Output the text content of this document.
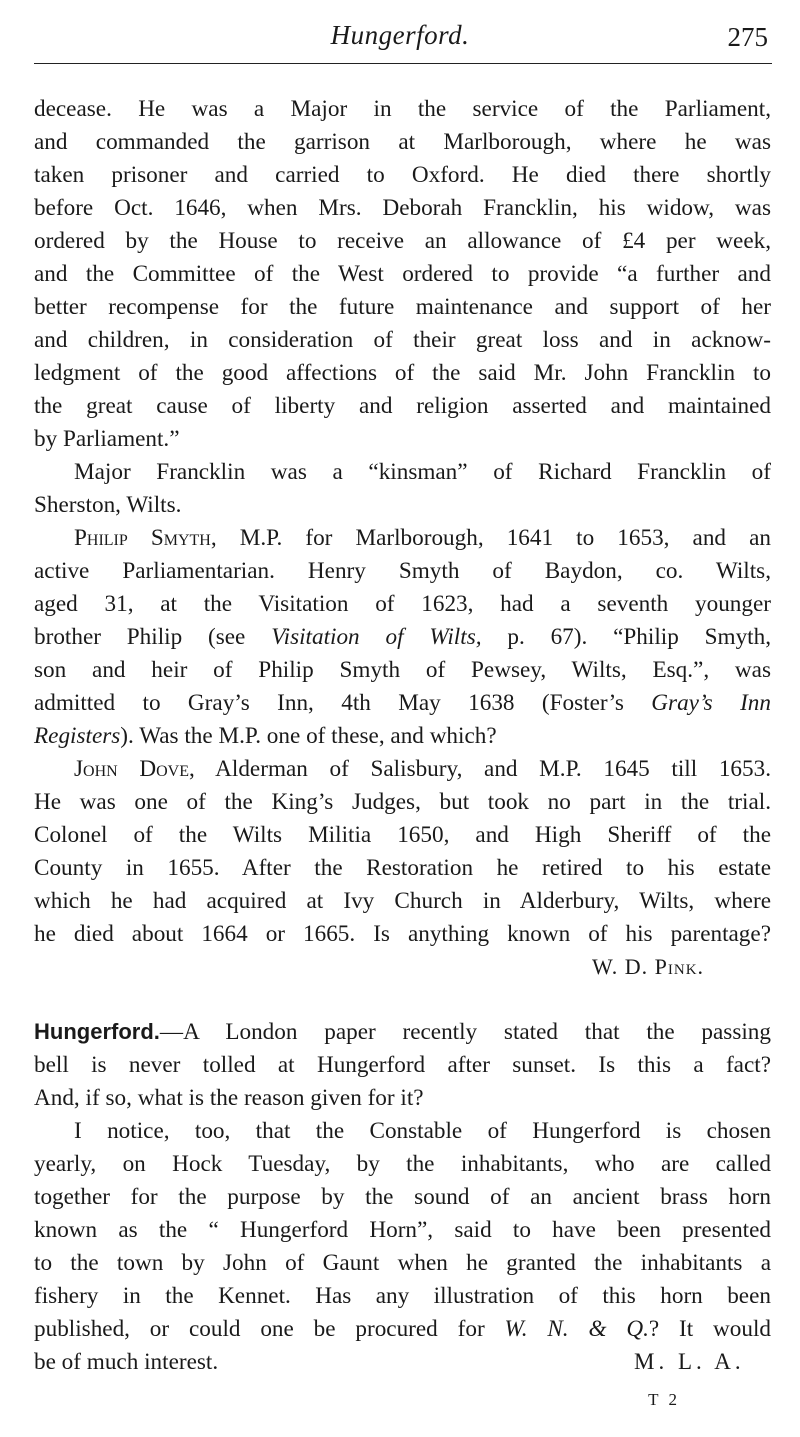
Hungerford.	275
decease. He was a Major in the service of the Parliament,
and commanded the garrison at Marlborough, where he was
taken prisoner and carried to Oxford. He died there shortly
before Oct. 1646, when Mrs. Deborah Francklin, his widow, was
ordered by the House to receive an allowance of £4 per week,
and the Committee of the West ordered to provide “a further and
better recompense for the future maintenance and support of her
and children, in consideration of their great loss and in acknow-
ledgment of the good affections of the said Mr. John Francklin to
the great cause of liberty and religion asserted and maintained
by Parliament.”
Major Francklin was a “kinsman” of Richard Francklin of
Sherston, Wilts.
Philip Smyth, M.P. for Marlborough, 1641 to 1653, and an
active Parliamentarian. Henry Smyth of Baydon, co. Wilts,
aged 31, at the Visitation of 1623, had a seventh younger
brother Philip (see Visitation of Wilts, p. 67). “Philip Smyth,
son and heir of Philip Smyth of Pewsey, Wilts, Esq.”, was
admitted to Gray’s Inn, 4th May 1638 (Foster’s Gray’s Inn
Registers). Was the M.P. one of these, and which?
John Dove, Alderman of Salisbury, and M.P. 1645 till 1653.
He was one of the King’s Judges, but took no part in the trial.
Colonel of the Wilts Militia 1650, and High Sheriff of the
County in 1655. After the Restoration he retired to his estate
which he had acquired at Ivy Church in Alderbury, Wilts, where
he died about 1664 or 1665. Is anything known of his parentage?
W. D. Pink.
Hungerford.—A London paper recently stated that the passing
bell is never tolled at Hungerford after sunset. Is this a fact?
And, if so, what is the reason given for it?
I notice, too, that the Constable of Hungerford is chosen
yearly, on Hock Tuesday, by the inhabitants, who are called
together for the purpose by the sound of an ancient brass horn
known as the “ Hungerford Horn”, said to have been presented
to the town by John of Gaunt when he granted the inhabitants a
fishery in the Kennet. Has any illustration of this horn been
published, or could one be procured for W. N. & Q.? It would
be of much interest.	M. L. A.
T 2
